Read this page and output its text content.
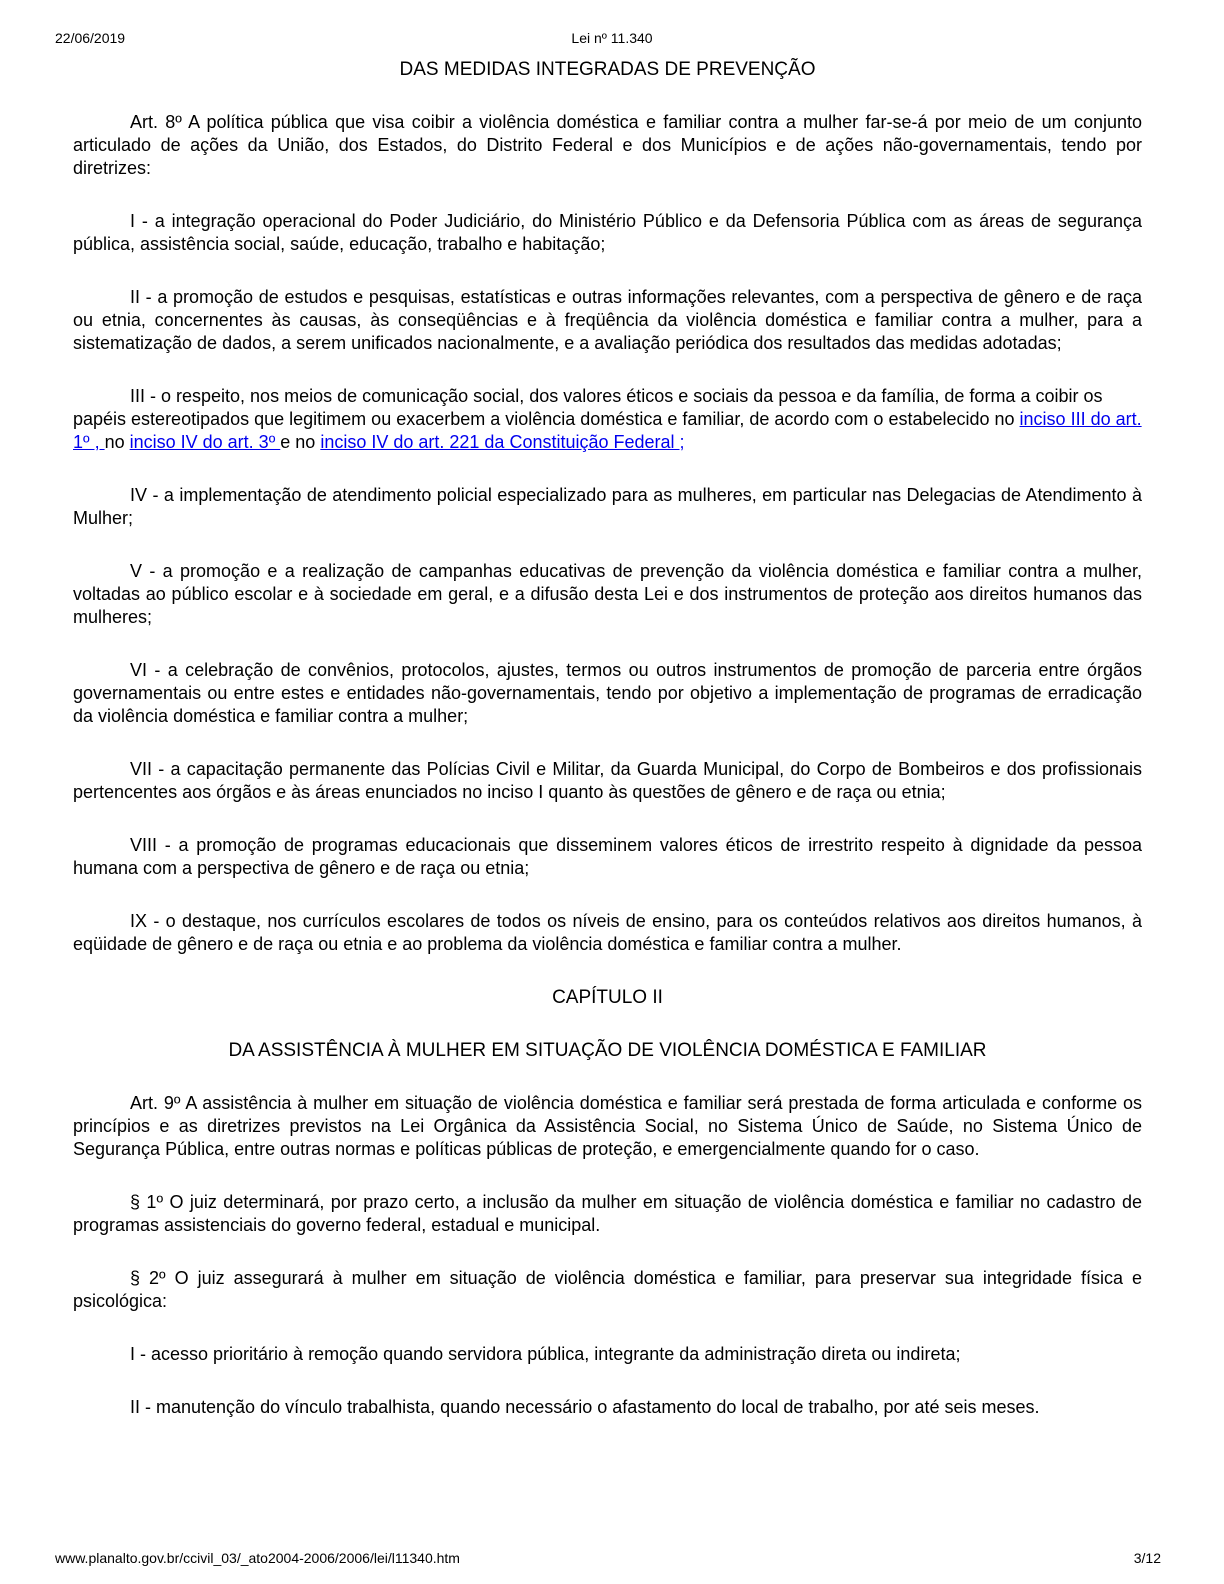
22/06/2019	Lei nº 11.340

DAS MEDIDAS INTEGRADAS DE PREVENÇÃO

Art. 8º A política pública que visa coibir a violência doméstica e familiar contra a mulher far-se-á por meio de um conjunto articulado de ações da União, dos Estados, do Distrito Federal e dos Municípios e de ações não-governamentais, tendo por diretrizes:

I - a integração operacional do Poder Judiciário, do Ministério Público e da Defensoria Pública com as áreas de segurança pública, assistência social, saúde, educação, trabalho e habitação;

II - a promoção de estudos e pesquisas, estatísticas e outras informações relevantes, com a perspectiva de gênero e de raça ou etnia, concernentes às causas, às conseqüências e à freqüência da violência doméstica e familiar contra a mulher, para a sistematização de dados, a serem unificados nacionalmente, e a avaliação periódica dos resultados das medidas adotadas;

III - o respeito, nos meios de comunicação social, dos valores éticos e sociais da pessoa e da família, de forma a coibir os papéis estereotipados que legitimem ou exacerbem a violência doméstica e familiar, de acordo com o estabelecido no inciso III do art. 1º , no inciso IV do art. 3º e no inciso IV do art. 221 da Constituição Federal ;

IV - a implementação de atendimento policial especializado para as mulheres, em particular nas Delegacias de Atendimento à Mulher;

V - a promoção e a realização de campanhas educativas de prevenção da violência doméstica e familiar contra a mulher, voltadas ao público escolar e à sociedade em geral, e a difusão desta Lei e dos instrumentos de proteção aos direitos humanos das mulheres;

VI - a celebração de convênios, protocolos, ajustes, termos ou outros instrumentos de promoção de parceria entre órgãos governamentais ou entre estes e entidades não-governamentais, tendo por objetivo a implementação de programas de erradicação da violência doméstica e familiar contra a mulher;

VII - a capacitação permanente das Polícias Civil e Militar, da Guarda Municipal, do Corpo de Bombeiros e dos profissionais pertencentes aos órgãos e às áreas enunciados no inciso I quanto às questões de gênero e de raça ou etnia;

VIII - a promoção de programas educacionais que disseminem valores éticos de irrestrito respeito à dignidade da pessoa humana com a perspectiva de gênero e de raça ou etnia;

IX - o destaque, nos currículos escolares de todos os níveis de ensino, para os conteúdos relativos aos direitos humanos, à eqüidade de gênero e de raça ou etnia e ao problema da violência doméstica e familiar contra a mulher.

CAPÍTULO II

DA ASSISTÊNCIA À MULHER EM SITUAÇÃO DE VIOLÊNCIA DOMÉSTICA E FAMILIAR

Art. 9º A assistência à mulher em situação de violência doméstica e familiar será prestada de forma articulada e conforme os princípios e as diretrizes previstos na Lei Orgânica da Assistência Social, no Sistema Único de Saúde, no Sistema Único de Segurança Pública, entre outras normas e políticas públicas de proteção, e emergencialmente quando for o caso.

§ 1º O juiz determinará, por prazo certo, a inclusão da mulher em situação de violência doméstica e familiar no cadastro de programas assistenciais do governo federal, estadual e municipal.

§ 2º O juiz assegurará à mulher em situação de violência doméstica e familiar, para preservar sua integridade física e psicológica:

I - acesso prioritário à remoção quando servidora pública, integrante da administração direta ou indireta;

II - manutenção do vínculo trabalhista, quando necessário o afastamento do local de trabalho, por até seis meses.

www.planalto.gov.br/ccivil_03/_ato2004-2006/2006/lei/l11340.htm	3/12
